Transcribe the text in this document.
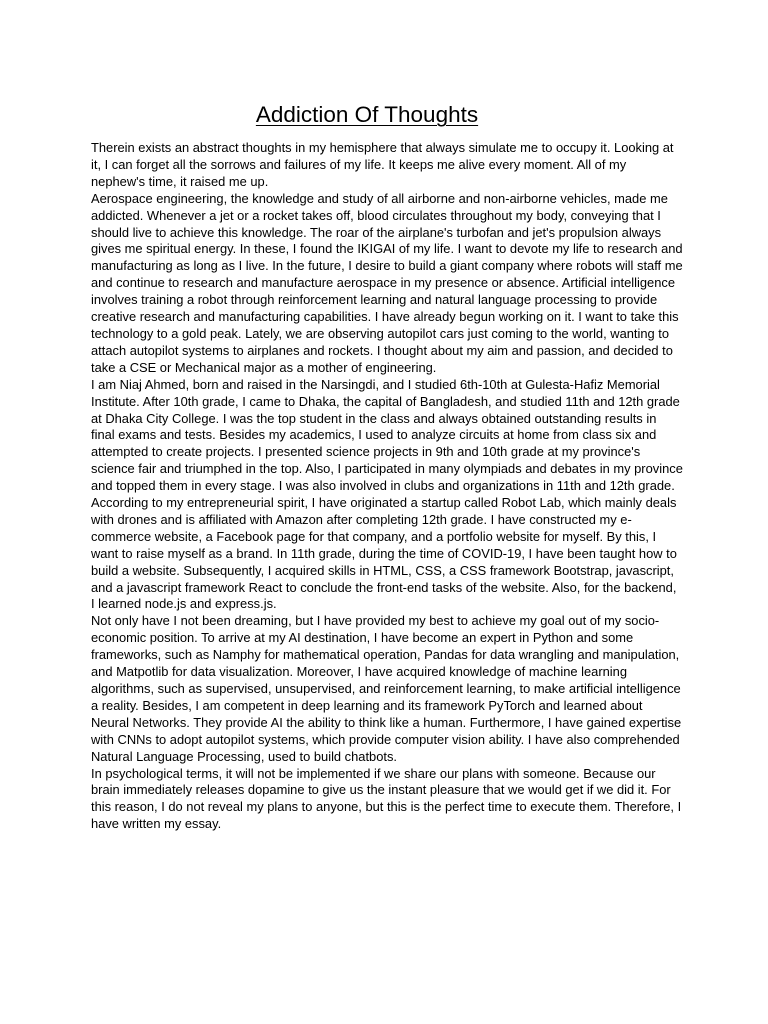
Addiction Of Thoughts

Therein exists an abstract thoughts in my hemisphere that always simulate me to occupy it. Looking at it, I can forget all the sorrows and failures of my life. It keeps me alive every moment. All of my nephew's time, it raised me up.

Aerospace engineering, the knowledge and study of all airborne and non-airborne vehicles, made me addicted. Whenever a jet or a rocket takes off, blood circulates throughout my body, conveying that I should live to achieve this knowledge. The roar of the airplane's turbofan and jet's propulsion always gives me spiritual energy. In these, I found the IKIGAI of my life. I want to devote my life to research and manufacturing as long as I live. In the future, I desire to build a giant company where robots will staff me and continue to research and manufacture aerospace in my presence or absence. Artificial intelligence involves training a robot through reinforcement learning and natural language processing to provide creative research and manufacturing capabilities. I have already begun working on it. I want to take this technology to a gold peak. Lately, we are observing autopilot cars just coming to the world, wanting to attach autopilot systems to airplanes and rockets. I thought about my aim and passion, and decided to take a CSE or Mechanical major as a mother of engineering.

I am Niaj Ahmed, born and raised in the Narsingdi, and I studied 6th-10th at Gulesta-Hafiz Memorial Institute. After 10th grade, I came to Dhaka, the capital of Bangladesh, and studied 11th and 12th grade at Dhaka City College. I was the top student in the class and always obtained outstanding results in final exams and tests. Besides my academics, I used to analyze circuits at home from class six and attempted to create projects. I presented science projects in 9th and 10th grade at my province's science fair and triumphed in the top. Also, I participated in many olympiads and debates in my province and topped them in every stage. I was also involved in clubs and organizations in 11th and 12th grade.

According to my entrepreneurial spirit, I have originated a startup called Robot Lab, which mainly deals with drones and is affiliated with Amazon after completing 12th grade. I have constructed my e-commerce website, a Facebook page for that company, and a portfolio website for myself. By this, I want to raise myself as a brand. In 11th grade, during the time of COVID-19, I have been taught how to build a website. Subsequently, I acquired skills in HTML, CSS, a CSS framework Bootstrap, javascript, and a javascript framework React to conclude the front-end tasks of the website. Also, for the backend, I learned node.js and express.js.

Not only have I not been dreaming, but I have provided my best to achieve my goal out of my socio-economic position. To arrive at my AI destination, I have become an expert in Python and some frameworks, such as Namphy for mathematical operation, Pandas for data wrangling and manipulation, and Matpotlib for data visualization. Moreover, I have acquired knowledge of machine learning algorithms, such as supervised, unsupervised, and reinforcement learning, to make artificial intelligence a reality. Besides, I am competent in deep learning and its framework PyTorch and learned about Neural Networks. They provide AI the ability to think like a human. Furthermore, I have gained expertise with CNNs to adopt autopilot systems, which provide computer vision ability. I have also comprehended Natural Language Processing, used to build chatbots.

In psychological terms, it will not be implemented if we share our plans with someone. Because our brain immediately releases dopamine to give us the instant pleasure that we would get if we did it. For this reason, I do not reveal my plans to anyone, but this is the perfect time to execute them. Therefore, I have written my essay.
